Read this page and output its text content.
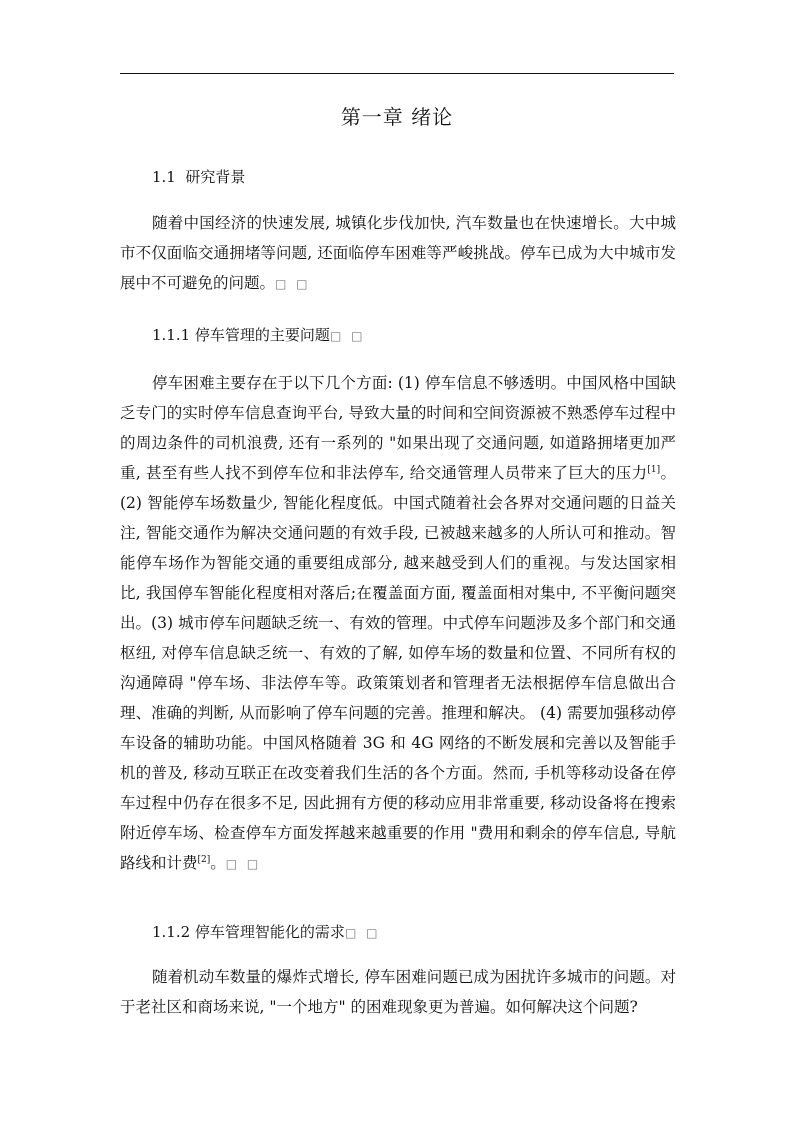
第一章 绪论
1.1 研究背景

随着中国经济的快速发展, 城镇化步伐加快, 汽车数量也在快速增长。大中城市不仅面临交通拥堵等问题, 还面临停车困难等严峻挑战。停车已成为大中城市发展中不可避免的问题。□ □

1.1.1 停车管理的主要问题□ □

停车困难主要存在于以下几个方面: (1) 停车信息不够透明。中国风格中国缺乏专门的实时停车信息查询平台, 导致大量的时间和空间资源被不熟悉停车过程中的周边条件的司机浪费, 还有一系列的 "如果出现了交通问题, 如道路拥堵更加严重, 甚至有些人找不到停车位和非法停车, 给交通管理人员带来了巨大的压力[1]。(2) 智能停车场数量少, 智能化程度低。中国式随着社会各界对交通问题的日益关注, 智能交通作为解决交通问题的有效手段, 已被越来越多的人所认可和推动。智能停车场作为智能交通的重要组成部分, 越来越受到人们的重视。与发达国家相比, 我国停车智能化程度相对落后;在覆盖面方面, 覆盖面相对集中, 不平衡问题突出。(3) 城市停车问题缺乏统一、有效的管理。中式停车问题涉及多个部门和交通枢纽, 对停车信息缺乏统一、有效的了解, 如停车场的数量和位置、不同所有权的沟通障碍 "停车场、非法停车等。政策策划者和管理者无法根据停车信息做出合理、准确的判断, 从而影响了停车问题的完善。推理和解决。 (4) 需要加强移动停车设备的辅助功能。中国风格随着 3G 和 4G 网络的不断发展和完善以及智能手机的普及, 移动互联正在改变着我们生活的各个方面。然而, 手机等移动设备在停车过程中仍存在很多不足, 因此拥有方便的移动应用非常重要, 移动设备将在搜索附近停车场、检查停车方面发挥越来越重要的作用 "费用和剩余的停车信息, 导航路线和计费[2]。□ □

1.1.2 停车管理智能化的需求□ □

随着机动车数量的爆炸式增长, 停车困难问题已成为困扰许多城市的问题。对于老社区和商场来说, "一个地方" 的困难现象更为普遍。如何解决这个问题?
